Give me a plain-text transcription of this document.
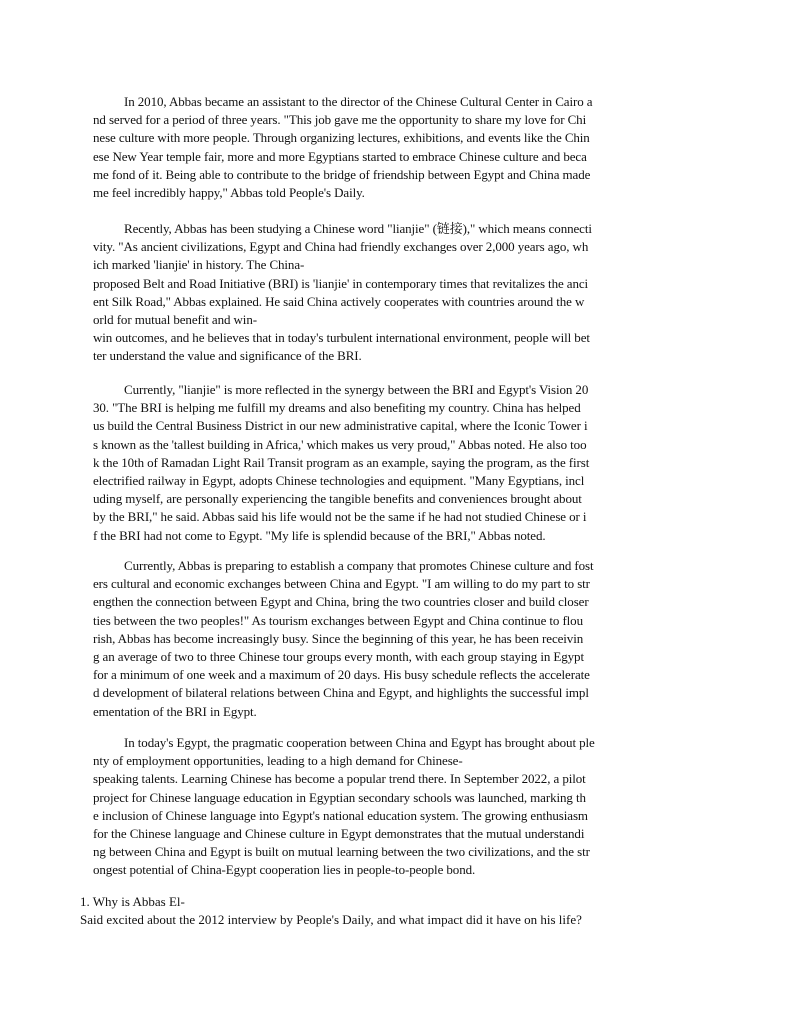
In 2010, Abbas became an assistant to the director of the Chinese Cultural Center in Cairo a
nd served for a period of three years. "This job gave me the opportunity to share my love for Chi
nese culture with more people. Through organizing lectures, exhibitions, and events like the Chin
ese New Year temple fair, more and more Egyptians started to embrace Chinese culture and beca
me fond of it. Being able to contribute to the bridge of friendship between Egypt and China made
me feel incredibly happy," Abbas told People's Daily.

Recently, Abbas has been studying a Chinese word "lianjie" (链接)," which means connecti
vity. "As ancient civilizations, Egypt and China had friendly exchanges over 2,000 years ago, wh
ich marked 'lianjie' in history. The China-
proposed Belt and Road Initiative (BRI) is 'lianjie' in contemporary times that revitalizes the anci
ent Silk Road," Abbas explained. He said China actively cooperates with countries around the w
orld for mutual benefit and win-
win outcomes, and he believes that in today's turbulent international environment, people will bet
ter understand the value and significance of the BRI.

Currently, "lianjie" is more reflected in the synergy between the BRI and Egypt's Vision 20
30. "The BRI is helping me fulfill my dreams and also benefiting my country. China has helped
us build the Central Business District in our new administrative capital, where the Iconic Tower i
s known as the 'tallest building in Africa,' which makes us very proud," Abbas noted. He also too
k the 10th of Ramadan Light Rail Transit program as an example, saying the program, as the first
electrified railway in Egypt, adopts Chinese technologies and equipment. "Many Egyptians, incl
uding myself, are personally experiencing the tangible benefits and conveniences brought about
by the BRI," he said. Abbas said his life would not be the same if he had not studied Chinese or i
f the BRI had not come to Egypt. "My life is splendid because of the BRI," Abbas noted.

Currently, Abbas is preparing to establish a company that promotes Chinese culture and fost
ers cultural and economic exchanges between China and Egypt. "I am willing to do my part to str
engthen the connection between Egypt and China, bring the two countries closer and build closer
ties between the two peoples!" As tourism exchanges between Egypt and China continue to flou
rish, Abbas has become increasingly busy. Since the beginning of this year, he has been receivin
g an average of two to three Chinese tour groups every month, with each group staying in Egypt
for a minimum of one week and a maximum of 20 days. His busy schedule reflects the accelerate
d development of bilateral relations between China and Egypt, and highlights the successful impl
ementation of the BRI in Egypt.

In today's Egypt, the pragmatic cooperation between China and Egypt has brought about ple
nty of employment opportunities, leading to a high demand for Chinese-
speaking talents. Learning Chinese has become a popular trend there. In September 2022, a pilot
project for Chinese language education in Egyptian secondary schools was launched, marking th
e inclusion of Chinese language into Egypt's national education system. The growing enthusiasm
for the Chinese language and Chinese culture in Egypt demonstrates that the mutual understandi
ng between China and Egypt is built on mutual learning between the two civilizations, and the str
ongest potential of China-Egypt cooperation lies in people-to-people bond.

1. Why is Abbas El-
Said excited about the 2012 interview by People's Daily, and what impact did it have on his life?
